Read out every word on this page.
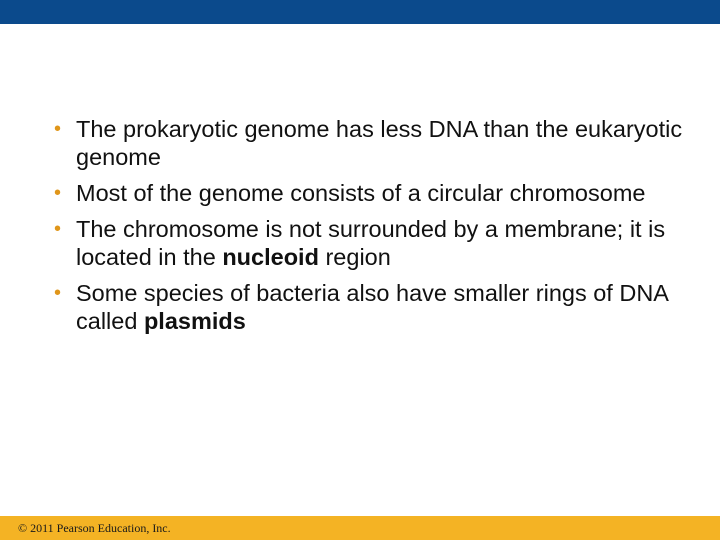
• The prokaryotic genome has less DNA than the eukaryotic genome
• Most of the genome consists of a circular chromosome
• The chromosome is not surrounded by a membrane; it is located in the nucleoid region
• Some species of bacteria also have smaller rings of DNA called plasmids
© 2011 Pearson Education, Inc.
